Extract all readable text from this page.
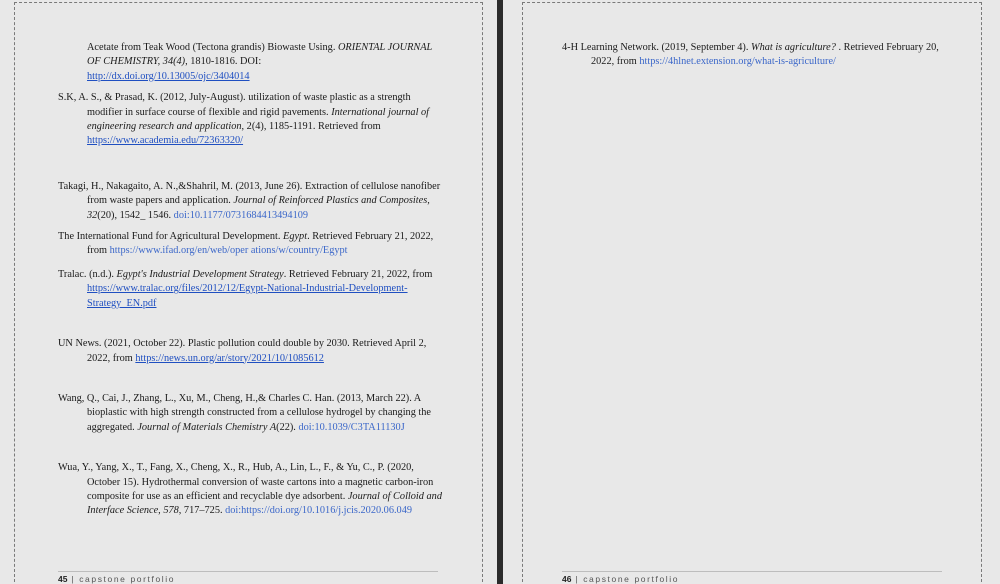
Acetate from Teak Wood (Tectona grandis) Biowaste Using. ORIENTAL JOURNAL OF CHEMISTRY, 34(4), 1810-1816. DOI:
http://dx.doi.org/10.13005/ojc/3404014

S.K, A. S., & Prasad, K. (2012, July-August). utilization of waste plastic as a strength modifier in surface course of flexible and rigid pavements. International journal of engineering research and application, 2(4), 1185-1191. Retrieved from https://www.academia.edu/72363320/

Takagi, H., Nakagaito, A. N.,&Shahril, M. (2013, June 26). Extraction of cellulose nanofiber from waste papers and application. Journal of Reinforced Plastics and Composites, 32(20), 1542_ 1546. doi:10.1177/0731684413494109

The International Fund for Agricultural Development. Egypt. Retrieved February 21, 2022, from https://www.ifad.org/en/web/oper ations/w/country/Egypt

Tralac. (n.d.). Egypt's Industrial Development Strategy. Retrieved February 21, 2022, from https://www.tralac.org/files/2012/12/Egypt-National-Industrial-Development-Strategy_EN.pdf

UN News. (2021, October 22). Plastic pollution could double by 2030. Retrieved April 2, 2022, from https://news.un.org/ar/story/2021/10/1085612

Wang, Q., Cai, J., Zhang, L., Xu, M., Cheng, H.,& Charles C. Han. (2013, March 22). A bioplastic with high strength constructed from a cellulose hydrogel by changing the aggregated. Journal of Materials Chemistry A(22). doi:10.1039/C3TA11130J

Wua, Y., Yang, X., T., Fang, X., Cheng, X., R., Hub, A., Lin, L., F., & Yu, C., P. (2020, October 15). Hydrothermal conversion of waste cartons into a magnetic carbon-iron composite for use as an efficient and recyclable dye adsorbent. Journal of Colloid and Interface Science, 578, 717–725. doi:https://doi.org/10.1016/j.jcis.2020.06.049

45 | capstone portfolio

4-H Learning Network. (2019, September 4). What is agriculture? . Retrieved February 20, 2022, from https://4hlnet.extension.org/what-is-agriculture/

46 | capstone portfolio
